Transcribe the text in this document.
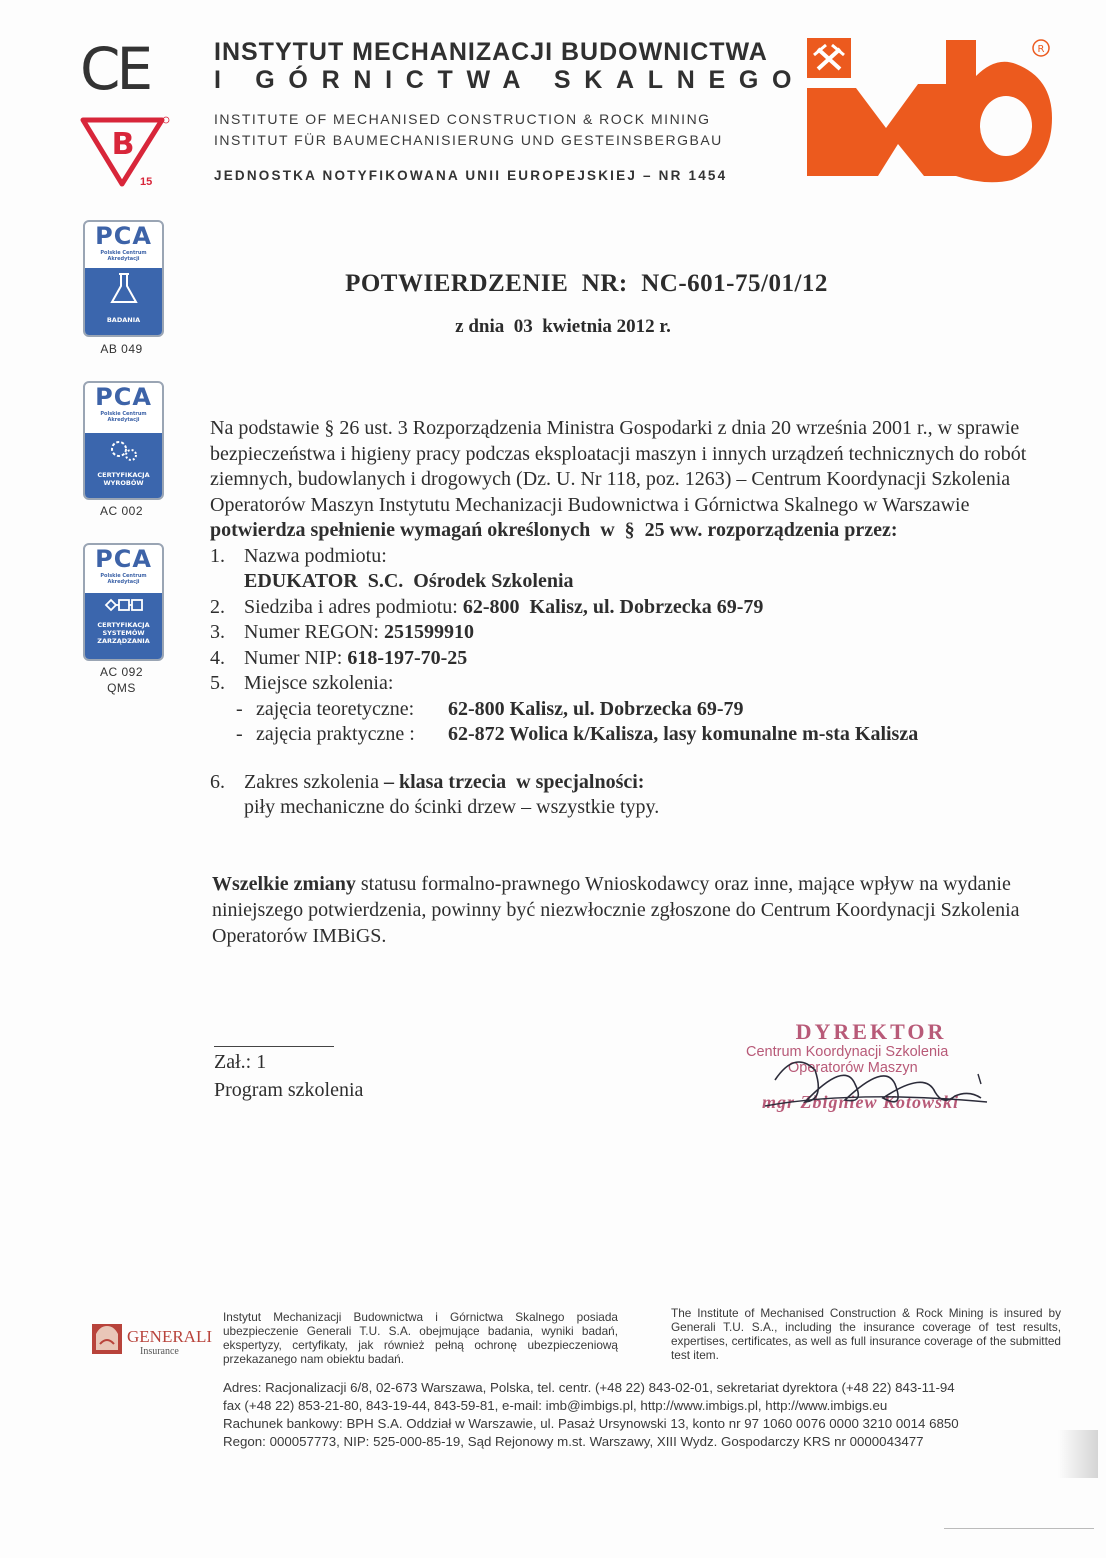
CE
B
15
INSTYTUT MECHANIZACJI BUDOWNICTWA
I GÓRNICTWA SKALNEGO
INSTITUTE OF MECHANISED CONSTRUCTION & ROCK MINING
INSTITUT FÜR BAUMECHANISIERUNG UND GESTEINSBERGBAU
JEDNOSTKA NOTYFIKOWANA UNII EUROPEJSKIEJ – NR 1454
R
PCA
Polskie Centrum Akredytacji
BADANIA
AB 049
PCA
Polskie Centrum Akredytacji
CERTYFIKACJA WYROBÓW
AC 002
PCA
Polskie Centrum Akredytacji
CERTYFIKACJA SYSTEMÓW ZARZĄDZANIA
AC 092
QMS
POTWIERDZENIE  NR:  NC-601-75/01/12
z dnia  03  kwietnia 2012 r.

Na podstawie § 26 ust. 3 Rozporządzenia Ministra Gospodarki z dnia 20 września 2001 r., w sprawie bezpieczeństwa i higieny pracy podczas eksploatacji maszyn i innych urządzeń technicznych do robót ziemnych, budowlanych i drogowych (Dz. U. Nr 118, poz. 1263) – Centrum Koordynacji Szkolenia Operatorów Maszyn Instytutu Mechanizacji Budownictwa i Górnictwa Skalnego w Warszawie

potwierdza spełnienie wymagań określonych  w  §  25 ww. rozporządzenia przez:

1. Nazwa podmiotu:
EDUKATOR  S.C.  Ośrodek Szkolenia
2. Siedziba i adres podmiotu: 62-800  Kalisz, ul. Dobrzecka 69-79
3. Numer REGON: 251599910
4. Numer NIP: 618-197-70-25
5. Miejsce szkolenia:
- zajęcia teoretyczne:	62-800 Kalisz, ul. Dobrzecka 69-79
- zajęcia praktyczne :	62-872 Wolica k/Kalisza, lasy komunalne m-sta Kalisza
6. Zakres szkolenia – klasa trzecia  w specjalności:
piły mechaniczne do ścinki drzew – wszystkie typy.
Wszelkie zmiany statusu formalno-prawnego Wnioskodawcy oraz inne, mające wpływ na wydanie niniejszego potwierdzenia, powinny być niezwłocznie zgłoszone do Centrum Koordynacji Szkolenia Operatorów IMBiGS.
Zał.: 1
Program szkolenia
DYREKTOR
Centrum Koordynacji Szkolenia
Operatorów Maszyn
mgr Zbigniew Kotowski
GENERALI
Insurance
Instytut Mechanizacji Budownictwa i Górnictwa Skalnego posiada ubezpieczenie Generali T.U. S.A. obejmujące badania, wyniki badań, ekspertyzy, certyfikaty, jak również pełną ochronę ubezpieczeniową przekazanego nam obiektu badań.
The Institute of Mechanised Construction & Rock Mining is insured by Generali T.U. S.A., including the insurance coverage of test results, expertises, certificates, as well as full insurance coverage of the submitted test item.
Adres: Racjonalizacji 6/8, 02-673 Warszawa, Polska, tel. centr. (+48 22) 843-02-01, sekretariat dyrektora (+48 22) 843-11-94
fax (+48 22) 853-21-80, 843-19-44, 843-59-81, e-mail: imb@imbigs.pl, http://www.imbigs.pl, http://www.imbigs.eu
Rachunek bankowy: BPH S.A. Oddział w Warszawie, ul. Pasaż Ursynowski 13, konto nr 97 1060 0076 0000 3210 0014 6850
Regon: 000057773, NIP: 525-000-85-19, Sąd Rejonowy m.st. Warszawy, XIII Wydz. Gospodarczy KRS nr 0000043477
